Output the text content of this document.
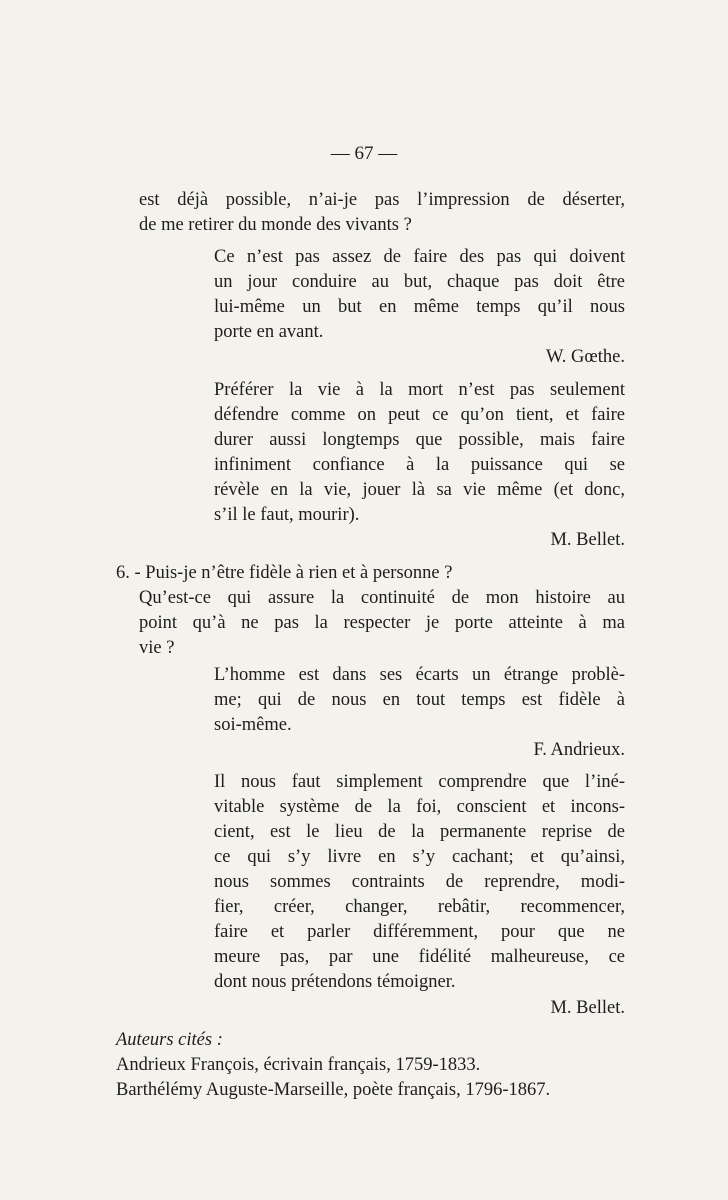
— 67 —
est déjà possible, n’ai-je pas l’impression de déserter,
de me retirer du monde des vivants ?
Ce n’est pas assez de faire des pas qui doivent
un jour conduire au but, chaque pas doit être
lui-même un but en même temps qu’il nous
porte en avant.
W. Gœthe.
Préférer la vie à la mort n’est pas seulement
défendre comme on peut ce qu’on tient, et faire
durer aussi longtemps que possible, mais faire
infiniment confiance à la puissance qui se
révèle en la vie, jouer là sa vie même (et donc,
s’il le faut, mourir).
M. Bellet.
6. - Puis-je n’être fidèle à rien et à personne ?
Qu’est-ce qui assure la continuité de mon histoire au
point qu’à ne pas la respecter je porte atteinte à ma
vie ?
L’homme est dans ses écarts un étrange problè-
me; qui de nous en tout temps est fidèle à
soi-même.
F. Andrieux.
Il nous faut simplement comprendre que l’iné-
vitable système de la foi, conscient et incons-
cient, est le lieu de la permanente reprise de
ce qui s’y livre en s’y cachant; et qu’ainsi,
nous sommes contraints de reprendre, modi-
fier, créer, changer, rebâtir, recommencer,
faire et parler différemment, pour que ne
meure pas, par une fidélité malheureuse, ce
dont nous prétendons témoigner.
M. Bellet.
Auteurs cités :
Andrieux François, écrivain français, 1759-1833.
Barthélémy Auguste-Marseille, poète français, 1796-1867.
